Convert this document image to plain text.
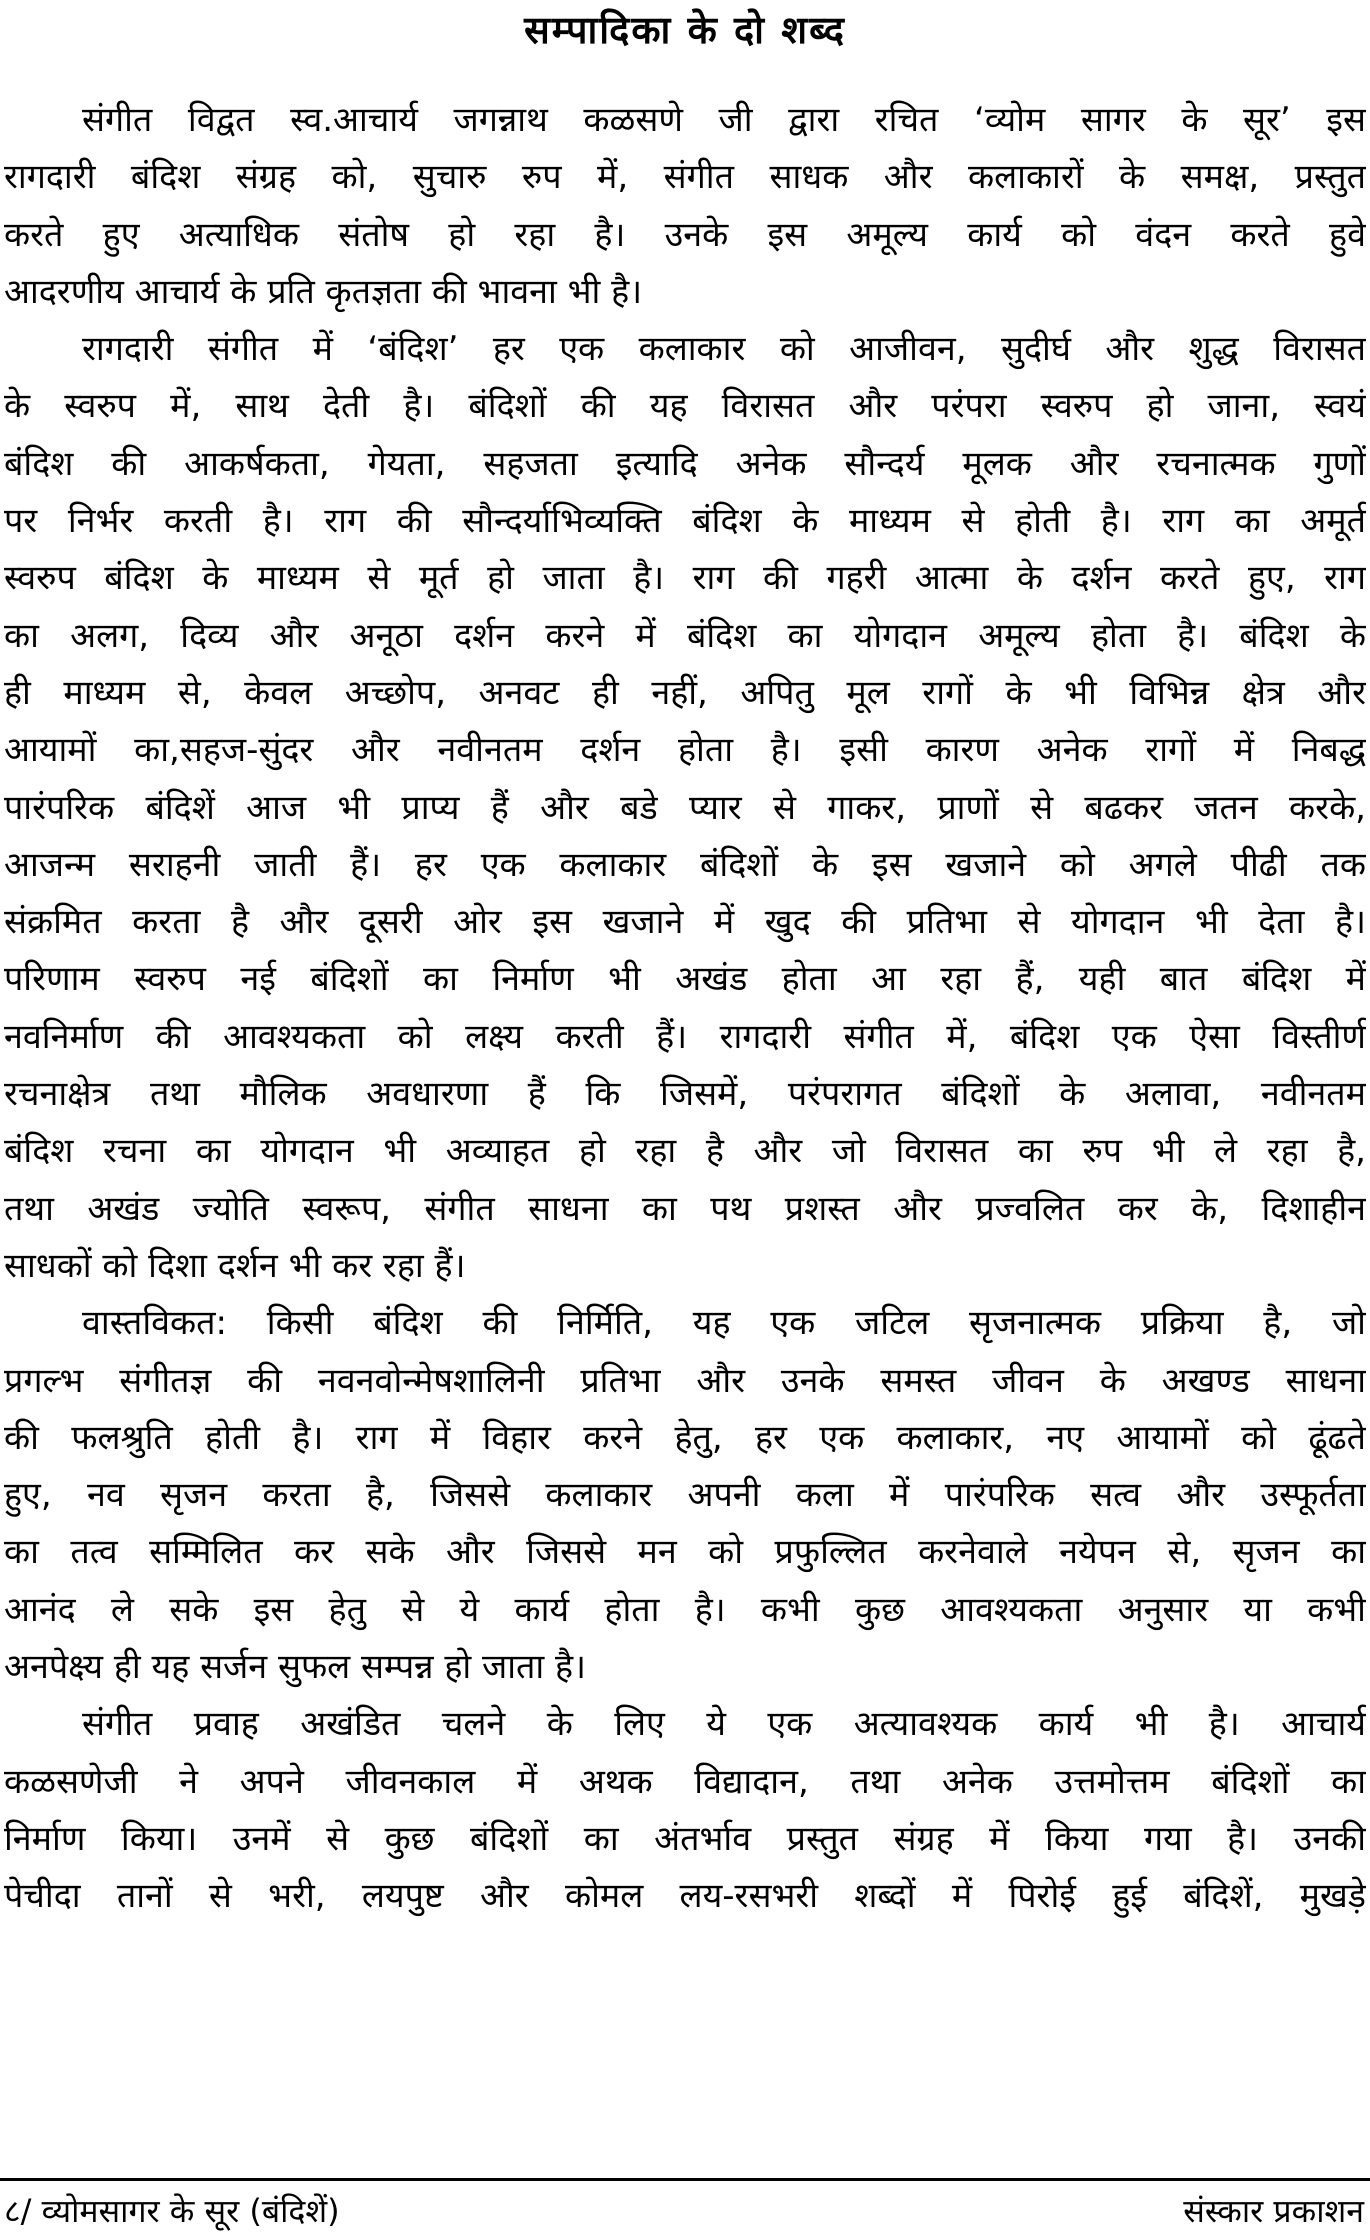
सम्पादिका के दो शब्द
संगीत विद्वत स्व.आचार्य जगन्नाथ कळसणे जी द्वारा रचित ‘व्योम सागर के सूर’ इस
रागदारी बंदिश संग्रह को, सुचारु रुप में, संगीत साधक और कलाकारों के समक्ष, प्रस्तुत
करते हुए अत्याधिक संतोष हो रहा है। उनके इस अमूल्य कार्य को वंदन करते हुवे
आदरणीय आचार्य के प्रति कृतज्ञता की भावना भी है।
रागदारी संगीत में ‘बंदिश’ हर एक कलाकार को आजीवन, सुदीर्घ और शुद्ध विरासत
के स्वरुप में, साथ देती है। बंदिशों की यह विरासत और परंपरा स्वरुप हो जाना, स्वयं
बंदिश की आकर्षकता, गेयता, सहजता इत्यादि अनेक सौन्दर्य मूलक और रचनात्मक गुणों
पर निर्भर करती है। राग की सौन्दर्याभिव्यक्ति बंदिश के माध्यम से होती है। राग का अमूर्त
स्वरुप बंदिश के माध्यम से मूर्त हो जाता है। राग की गहरी आत्मा के दर्शन करते हुए, राग
का अलग, दिव्य और अनूठा दर्शन करने में बंदिश का योगदान अमूल्य होता है। बंदिश के
ही माध्यम से, केवल अच्छोप, अनवट ही नहीं, अपितु मूल रागों के भी विभिन्न क्षेत्र और
आयामों का,सहज-सुंदर और नवीनतम दर्शन होता है। इसी कारण अनेक रागों में निबद्ध
पारंपरिक बंदिशें आज भी प्राप्य हैं और बडे प्यार से गाकर, प्राणों से बढकर जतन करके,
आजन्म सराहनी जाती हैं। हर एक कलाकार बंदिशों के इस खजाने को अगले पीढी तक
संक्रमित करता है और दूसरी ओर इस खजाने में खुद की प्रतिभा से योगदान भी देता है।
परिणाम स्वरुप नई बंदिशों का निर्माण भी अखंड होता आ रहा हैं, यही बात बंदिश में
नवनिर्माण की आवश्यकता को लक्ष्य करती हैं। रागदारी संगीत में, बंदिश एक ऐसा विस्तीर्ण
रचनाक्षेत्र तथा मौलिक अवधारणा हैं कि जिसमें, परंपरागत बंदिशों के अलावा, नवीनतम
बंदिश रचना का योगदान भी अव्याहत हो रहा है और जो विरासत का रुप भी ले रहा है,
तथा अखंड ज्योति स्वरूप, संगीत साधना का पथ प्रशस्त और प्रज्वलित कर के, दिशाहीन
साधकों को दिशा दर्शन भी कर रहा हैं।
वास्तविकत: किसी बंदिश की निर्मिति, यह एक जटिल सृजनात्मक प्रक्रिया है, जो
प्रगल्भ संगीतज्ञ की नवनवोन्मेषशालिनी प्रतिभा और उनके समस्त जीवन के अखण्ड साधना
की फलश्रुति होती है। राग में विहार करने हेतु, हर एक कलाकार, नए आयामों को ढूंढते
हुए, नव सृजन करता है, जिससे कलाकार अपनी कला में पारंपरिक सत्व और उस्फूर्तता
का तत्व सम्मिलित कर सके और जिससे मन को प्रफुल्लित करनेवाले नयेपन से, सृजन का
आनंद ले सके इस हेतु से ये कार्य होता है। कभी कुछ आवश्यकता अनुसार या कभी
अनपेक्ष्य ही यह सर्जन सुफल सम्पन्न हो जाता है।
संगीत प्रवाह अखंडित चलने के लिए ये एक अत्यावश्यक कार्य भी है। आचार्य
कळसणेजी ने अपने जीवनकाल में अथक विद्यादान, तथा अनेक उत्तमोत्तम बंदिशों का
निर्माण किया। उनमें से कुछ बंदिशों का अंतर्भाव प्रस्तुत संग्रह में किया गया है। उनकी
पेचीदा तानों से भरी, लयपुष्ट और कोमल लय-रसभरी शब्दों में पिरोई हुई बंदिशें, मुखड़े
८/ व्योमसागर के सूर (बंदिशें)	संस्कार प्रकाशन
